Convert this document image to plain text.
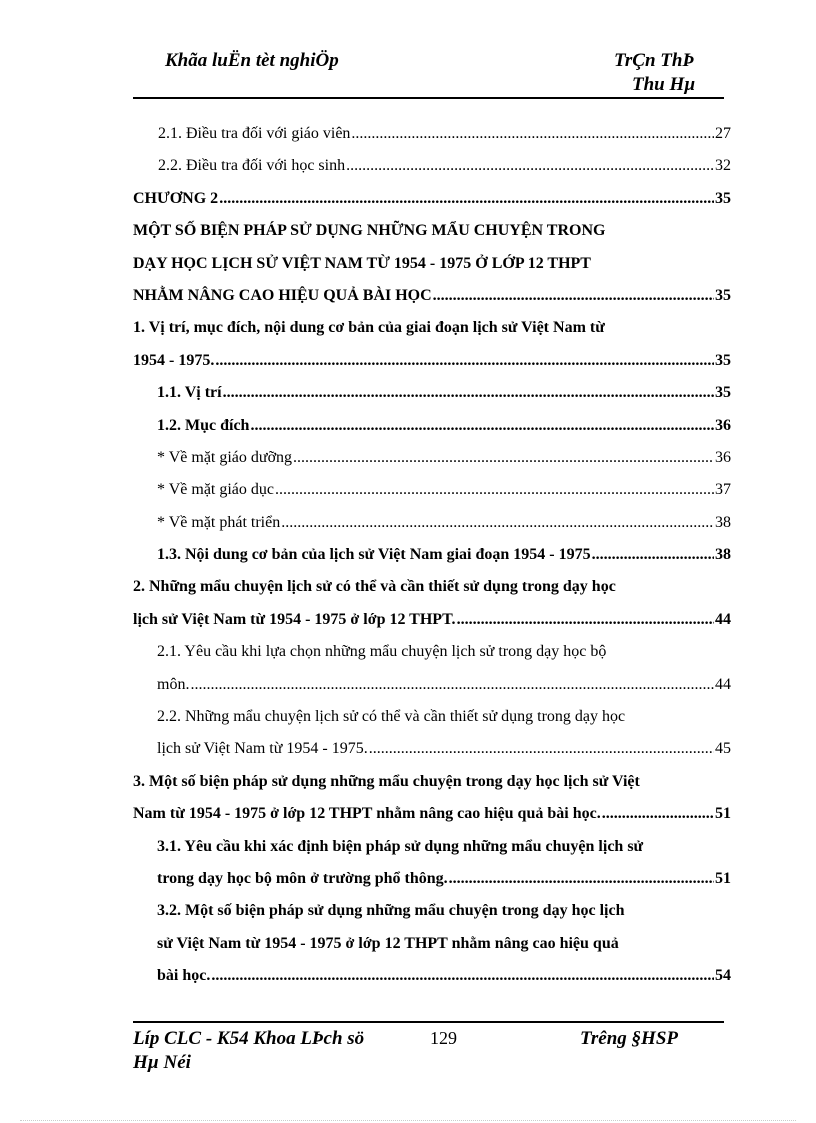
Khãa luËn tèt nghiÖp	TrÇn ThÞ
Thu Hµ
2.1. Điều tra đối với giáo viên .....	27
2.2. Điều tra đối với học sinh .....	32
CHƯƠNG 2 .....	35
MỘT SỐ BIỆN PHÁP SỬ DỤNG NHỮNG MẨU CHUYỆN TRONG
DẠY HỌC LỊCH SỬ VIỆT NAM TỪ 1954 - 1975 Ở LỚP 12 THPT
NHẰM NÂNG CAO HIỆU QUẢ BÀI HỌC .....	35
1. Vị trí, mục đích, nội dung cơ bản của giai đoạn lịch sử Việt Nam từ
1954 - 1975. .....	35
1.1. Vị trí .....	35
1.2. Mục đích .....	36
* Về mặt giáo dưỡng .....	36
* Về mặt giáo dục .....	37
* Về mặt phát triển .....	38
1.3. Nội dung cơ bản của lịch sử Việt Nam giai đoạn 1954 - 1975 .....	38
2. Những mẩu chuyện lịch sử có thể và cần thiết sử dụng trong dạy học
lịch sử Việt Nam từ 1954 - 1975 ở lớp 12 THPT. .....	44
2.1. Yêu cầu khi lựa chọn những mẩu chuyện lịch sử trong dạy học bộ
môn. .....	44
2.2. Những mẩu chuyện lịch sử có thể và cần thiết sử dụng trong dạy học
lịch sử Việt Nam từ 1954 - 1975. .....	45
3. Một số biện pháp sử dụng những mẩu chuyện trong dạy học lịch sử Việt
Nam từ 1954 - 1975 ở lớp 12 THPT nhằm nâng cao hiệu quả bài học. .....	51
3.1. Yêu cầu khi xác định biện pháp sử dụng những mẩu chuyện lịch sử
trong dạy học bộ môn ở trường phổ thông. .....	51
3.2. Một số biện pháp sử dụng những mẩu chuyện trong dạy học lịch
sử Việt Nam từ 1954 - 1975 ở lớp 12 THPT nhằm nâng cao hiệu quả
bài học. .....	54
Líp CLC - K54 Khoa LÞch sö
Hµ Néi
129	Trêng §HSP
